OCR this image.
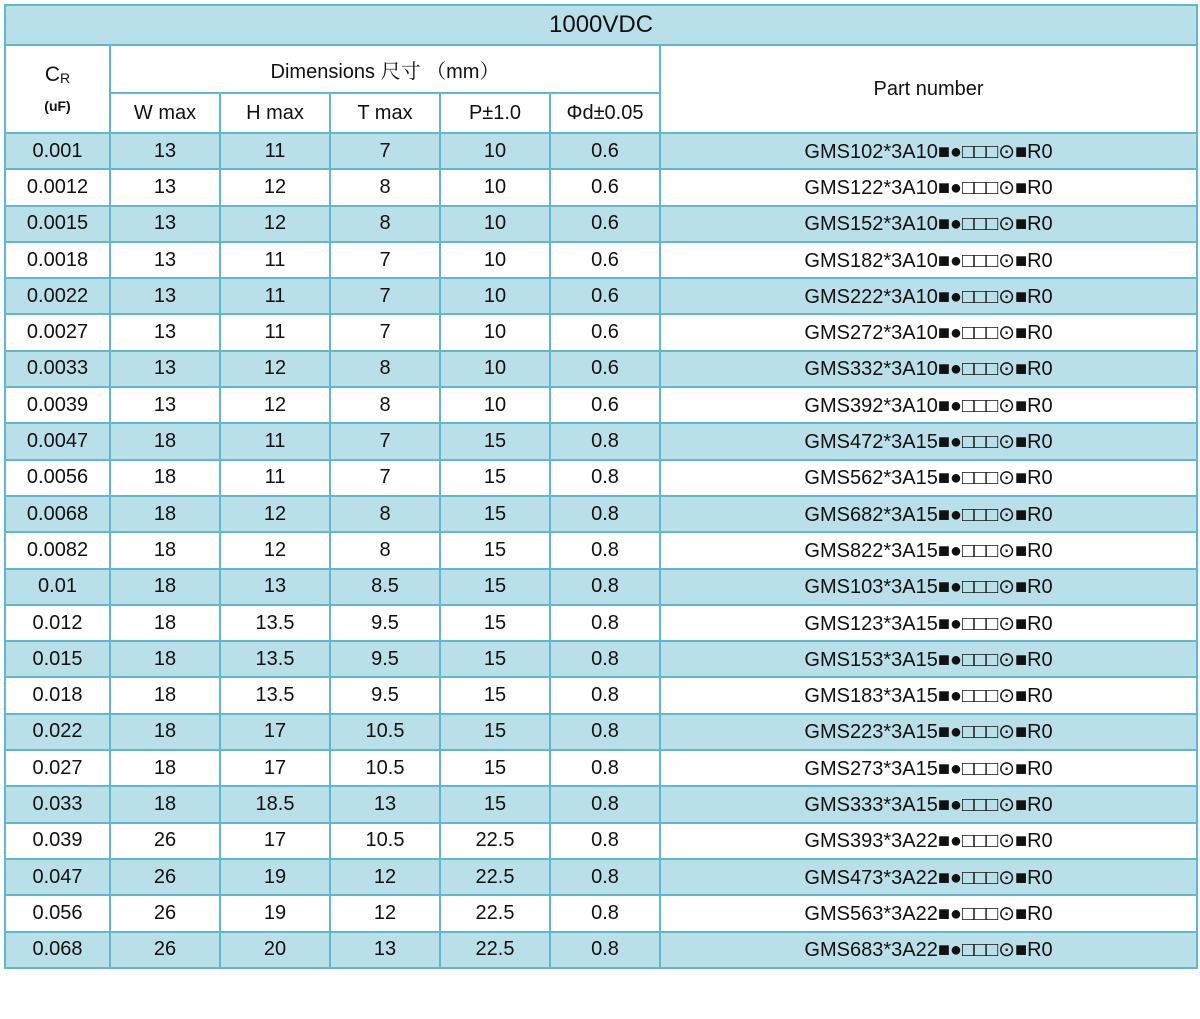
1000VDC						

$C_R$
(uF)	Dimensions 尺寸 （mm）					Part number
	W max	H max	T max	P±1.0	Φd±0.05	
0.001	13	11	7	10	0.6	GMS102*3A10■●□□□⊙■R0
0.0012	13	12	8	10	0.6	GMS122*3A10■●□□□⊙■R0
0.0015	13	12	8	10	0.6	GMS152*3A10■●□□□⊙■R0
0.0018	13	11	7	10	0.6	GMS182*3A10■●□□□⊙■R0
0.0022	13	11	7	10	0.6	GMS222*3A10■●□□□⊙■R0
0.0027	13	11	7	10	0.6	GMS272*3A10■●□□□⊙■R0
0.0033	13	12	8	10	0.6	GMS332*3A10■●□□□⊙■R0
0.0039	13	12	8	10	0.6	GMS392*3A10■●□□□⊙■R0
0.0047	18	11	7	15	0.8	GMS472*3A15■●□□□⊙■R0
0.0056	18	11	7	15	0.8	GMS562*3A15■●□□□⊙■R0
0.0068	18	12	8	15	0.8	GMS682*3A15■●□□□⊙■R0
0.0082	18	12	8	15	0.8	GMS822*3A15■●□□□⊙■R0
0.01	18	13	8.5	15	0.8	GMS103*3A15■●□□□⊙■R0
0.012	18	13.5	9.5	15	0.8	GMS123*3A15■●□□□⊙■R0
0.015	18	13.5	9.5	15	0.8	GMS153*3A15■●□□□⊙■R0
0.018	18	13.5	9.5	15	0.8	GMS183*3A15■●□□□⊙■R0
0.022	18	17	10.5	15	0.8	GMS223*3A15■●□□□⊙■R0
0.027	18	17	10.5	15	0.8	GMS273*3A15■●□□□⊙■R0
0.033	18	18.5	13	15	0.8	GMS333*3A15■●□□□⊙■R0
0.039	26	17	10.5	22.5	0.8	GMS393*3A22■●□□□⊙■R0
0.047	26	19	12	22.5	0.8	GMS473*3A22■●□□□⊙■R0
0.056	26	19	12	22.5	0.8	GMS563*3A22■●□□□⊙■R0
0.068	26	20	13	22.5	0.8	GMS683*3A22■●□□□⊙■R0
